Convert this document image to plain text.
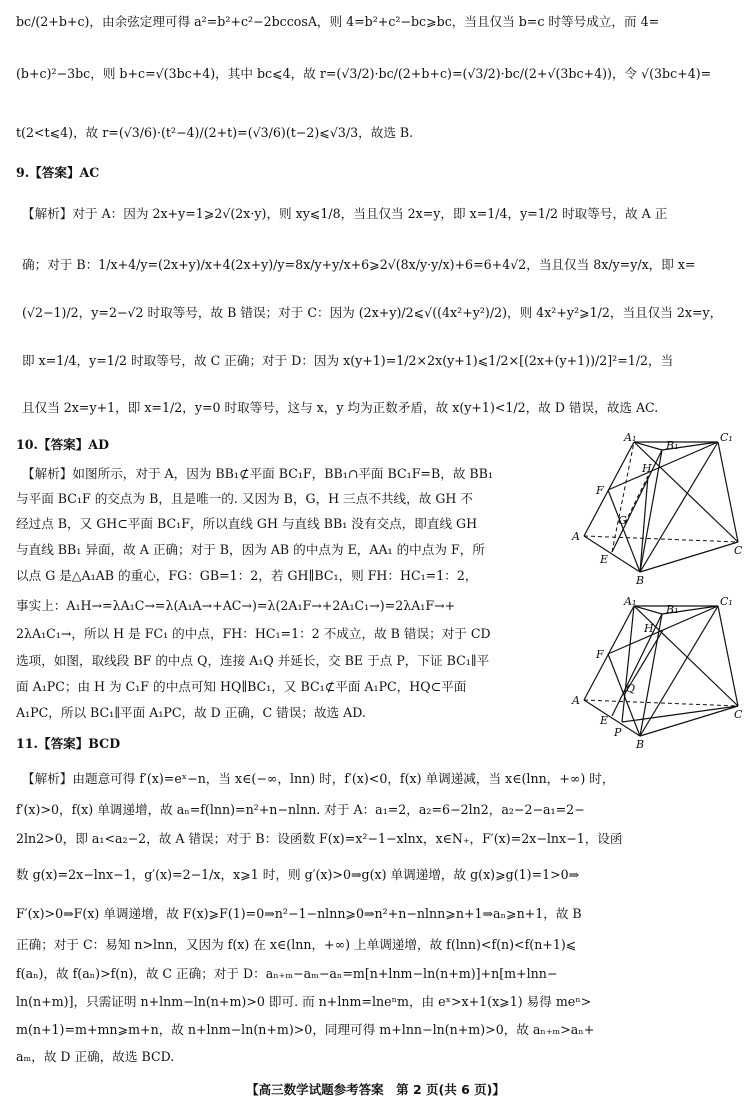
bc/(2+b+c)，由余弦定理可得 a²=b²+c²−2bccosA，则 4=b²+c²−bc⩾bc，当且仅当 b=c 时等号成立，而 4=
(b+c)²−3bc，则 b+c=√(3bc+4)，其中 bc⩽4，故 r=(√3/2)·bc/(2+b+c)=(√3/2)·bc/(2+√(3bc+4))，令 √(3bc+4)=
t(2<t⩽4)，故 r=(√3/6)·(t²−4)/(2+t)=(√3/6)(t−2)⩽√3/3，故选 B.
9.【答案】AC
【解析】对于 A：因为 2x+y=1⩾2√(2x·y)，则 xy⩽1/8，当且仅当 2x=y，即 x=1/4，y=1/2 时取等号，故 A 正
确；对于 B：1/x+4/y=(2x+y)/x+4(2x+y)/y=8x/y+y/x+6⩾2√(8x/y·y/x)+6=6+4√2，当且仅当 8x/y=y/x，即 x=
(√2−1)/2，y=2−√2 时取等号，故 B 错误；对于 C：因为 (2x+y)/2⩽√((4x²+y²)/2)，则 4x²+y²⩾1/2，当且仅当 2x=y，
即 x=1/4，y=1/2 时取等号，故 C 正确；对于 D：因为 x(y+1)=1/2×2x(y+1)⩽1/2×[(2x+(y+1))/2]²=1/2，当
且仅当 2x=y+1，即 x=1/2，y=0 时取等号，这与 x，y 均为正数矛盾，故 x(y+1)<1/2，故 D 错误，故选 AC.
10.【答案】AD
【解析】如图所示，对于 A，因为 BB₁⊄平面 BC₁F，BB₁∩平面 BC₁F=B，故 BB₁
与平面 BC₁F 的交点为 B，且是唯一的. 又因为 B，G，H 三点不共线，故 GH 不
经过点 B，又 GH⊂平面 BC₁F，所以直线 GH 与直线 BB₁ 没有交点，即直线 GH
与直线 BB₁ 异面，故 A 正确；对于 B，因为 AB 的中点为 E，AA₁ 的中点为 F，所
以点 G 是△A₁AB 的重心，FG：GB=1：2，若 GH∥BC₁，则 FH：HC₁=1：2，
事实上：A₁H→=λA₁C→=λ(A₁A→+AC→)=λ(2A₁F→+2A₁C₁→)=2λA₁F→+
2λA₁C₁→，所以 H 是 FC₁ 的中点，FH：HC₁=1：2 不成立，故 B 错误；对于 CD
选项，如图，取线段 BF 的中点 Q，连接 A₁Q 并延长，交 BE 于点 P，下证 BC₁∥平
面 A₁PC；由 H 为 C₁F 的中点可知 HQ∥BC₁，又 BC₁⊄平面 A₁PC，HQ⊂平面
A₁PC，所以 BC₁∥平面 A₁PC，故 D 正确，C 错误；故选 AD.
A₁
B₁
C₁
H
F
G
E
A
B
C
A₁
B₁
C₁
H
F
Q
E
P
A
B
C
11.【答案】BCD
【解析】由题意可得 f′(x)=eˣ−n，当 x∈(−∞，lnn) 时，f′(x)<0，f(x) 单调递减，当 x∈(lnn，+∞) 时，
f′(x)>0，f(x) 单调递增，故 aₙ=f(lnn)=n²+n−nlnn. 对于 A：a₁=2，a₂=6−2ln2，a₂−2−a₁=2−
2ln2>0，即 a₁<a₂−2，故 A 错误；对于 B：设函数 F(x)=x²−1−xlnx，x∈N₊，F′(x)=2x−lnx−1，设函
数 g(x)=2x−lnx−1，g′(x)=2−1/x，x⩾1 时，则 g′(x)>0⇒g(x) 单调递增，故 g(x)⩾g(1)=1>0⇒
F′(x)>0⇒F(x) 单调递增，故 F(x)⩾F(1)=0⇒n²−1−nlnn⩾0⇒n²+n−nlnn⩾n+1⇒aₙ⩾n+1，故 B
正确；对于 C：易知 n>lnn，又因为 f(x) 在 x∈(lnn，+∞) 上单调递增，故 f(lnn)<f(n)<f(n+1)⩽
f(aₙ)，故 f(aₙ)>f(n)，故 C 正确；对于 D：aₙ₊ₘ−aₘ−aₙ=m[n+lnm−ln(n+m)]+n[m+lnn−
ln(n+m)]，只需证明 n+lnm−ln(n+m)>0 即可. 而 n+lnm=lneⁿm，由 eˣ>x+1(x⩾1) 易得 meⁿ>
m(n+1)=m+mn⩾m+n，故 n+lnm−ln(n+m)>0，同理可得 m+lnn−ln(n+m)>0，故 aₙ₊ₘ>aₙ+
aₘ，故 D 正确，故选 BCD.
【高三数学试题参考答案　第 2 页(共 6 页)】
